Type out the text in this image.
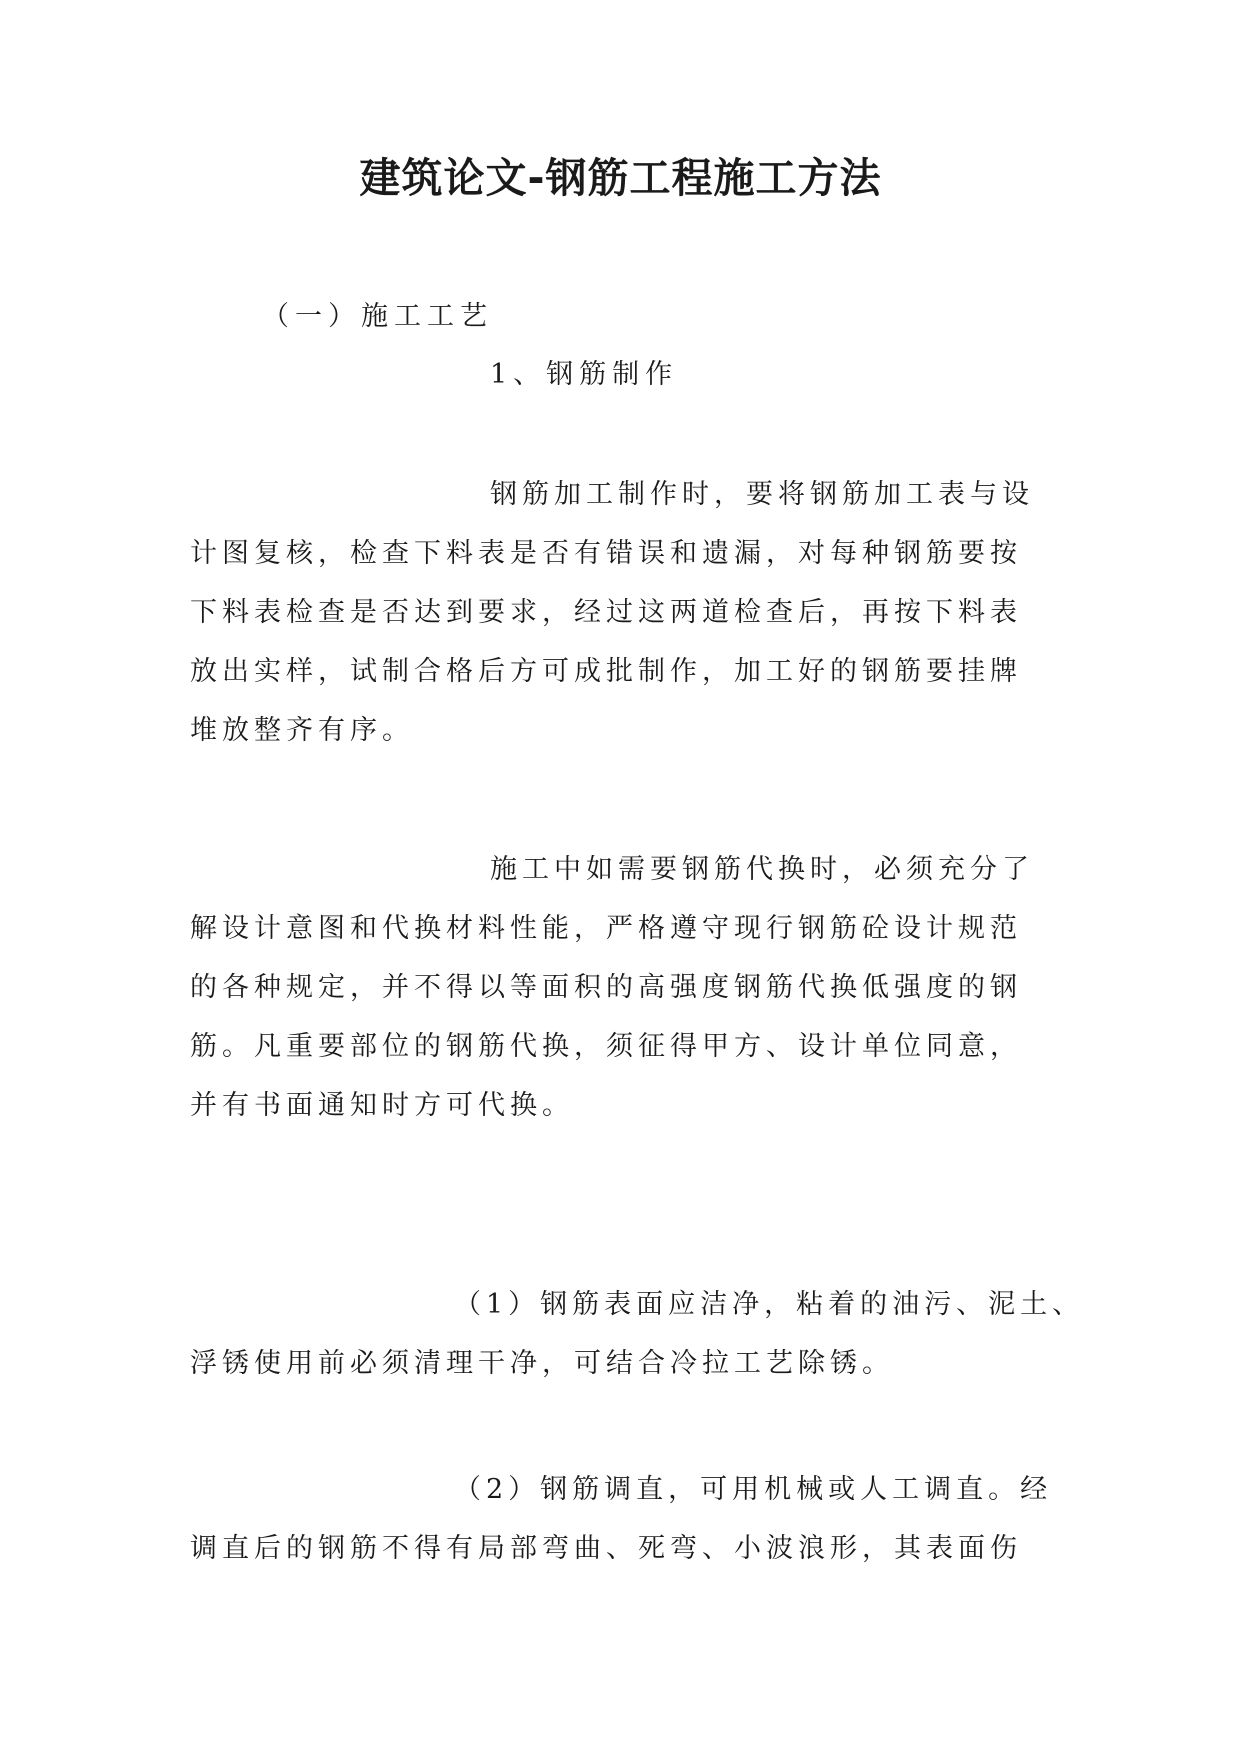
建筑论文-钢筋工程施工方法

（一）施工工艺

1、钢筋制作

钢筋加工制作时，要将钢筋加工表与设
计图复核，检查下料表是否有错误和遗漏，对每种钢筋要按
下料表检查是否达到要求，经过这两道检查后，再按下料表
放出实样，试制合格后方可成批制作，加工好的钢筋要挂牌
堆放整齐有序。
施工中如需要钢筋代换时，必须充分了
解设计意图和代换材料性能，严格遵守现行钢筋砼设计规范
的各种规定，并不得以等面积的高强度钢筋代换低强度的钢
筋。凡重要部位的钢筋代换，须征得甲方、设计单位同意，
并有书面通知时方可代换。
（1）钢筋表面应洁净，粘着的油污、泥土、
浮锈使用前必须清理干净，可结合冷拉工艺除锈。
（2）钢筋调直，可用机械或人工调直。经
调直后的钢筋不得有局部弯曲、死弯、小波浪形，其表面伤
